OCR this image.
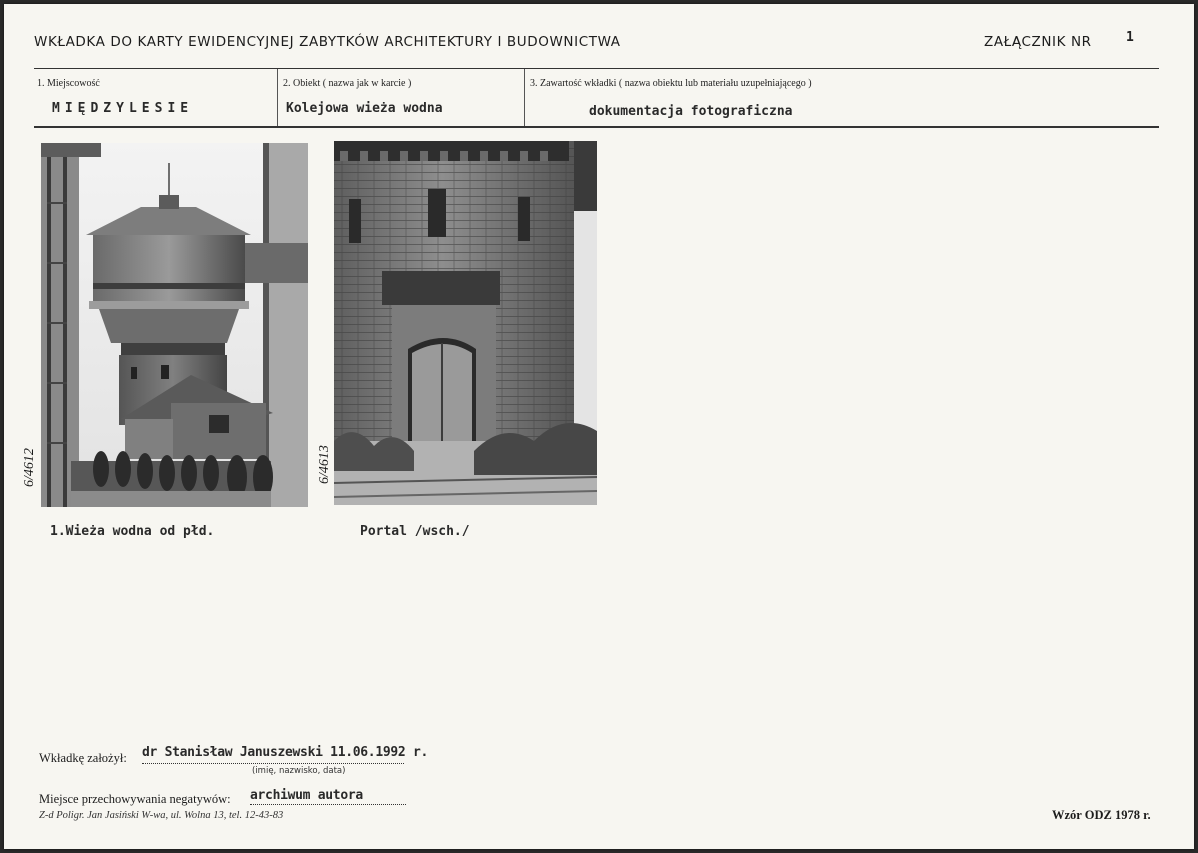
WKŁADKA DO KARTY EWIDENCYJNEJ ZABYTKÓW ARCHITEKTURY I BUDOWNICTWA	ZAŁĄCZNIK NR	1
1. Miejscowość
MIĘDZYLESIE
2. Obiekt ( nazwa jak w karcie )
Kolejowa wieża wodna
3. Zawartość wkładki ( nazwa obiektu lub materiału uzupełniającego )
dokumentacja fotograficzna
6/4612
1.Wieża wodna od płd.
6/4613
Portal /wsch./
Wkładkę założył: dr Stanisław Januszewski 11.06.1992 r.
(imię, nazwisko, data)
Miejsce przechowywania negatywów: archiwum autora
Z-d Poligr. Jan Jasiński W-wa, ul. Wolna 13, tel. 12-43-83	Wzór ODZ 1978 r.
